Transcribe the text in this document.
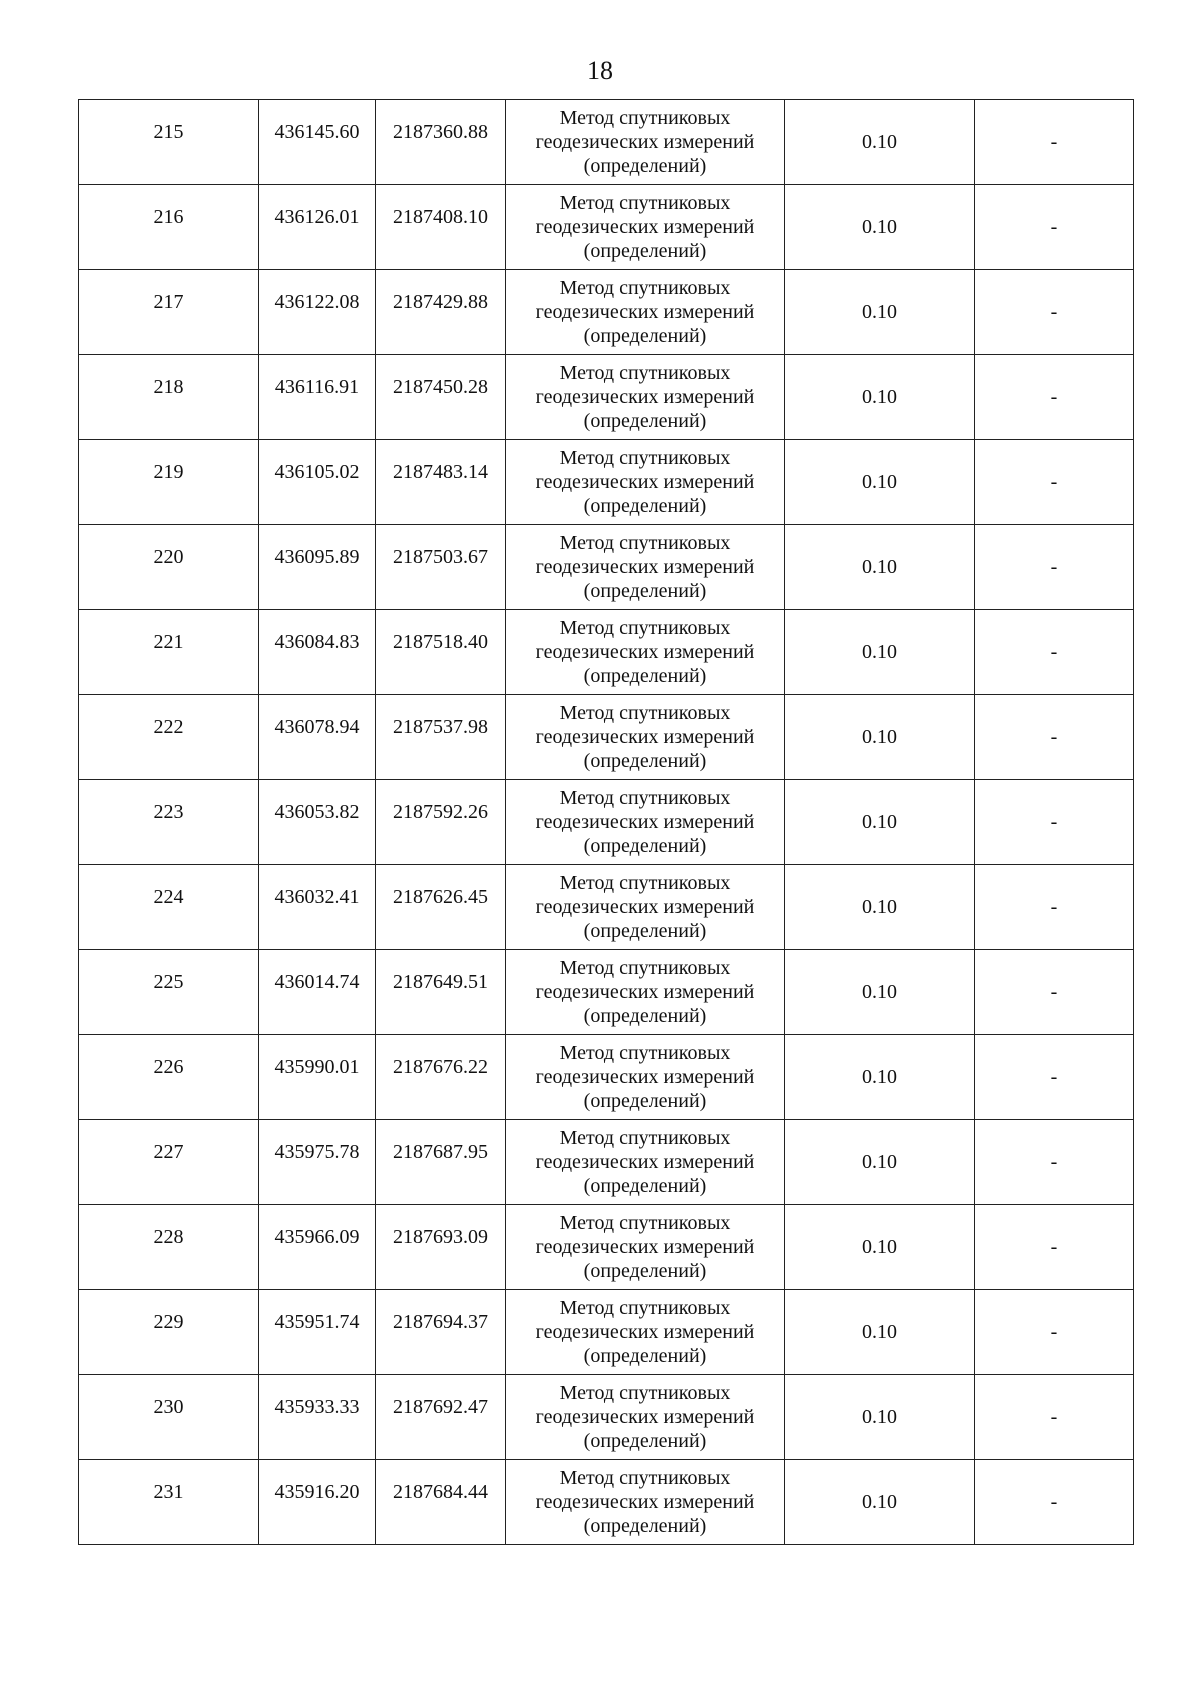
18
215	436145.60	2187360.88	Метод спутниковых
геодезических измерений
(определений)	0.10	-
216	436126.01	2187408.10	Метод спутниковых
геодезических измерений
(определений)	0.10	-
217	436122.08	2187429.88	Метод спутниковых
геодезических измерений
(определений)	0.10	-
218	436116.91	2187450.28	Метод спутниковых
геодезических измерений
(определений)	0.10	-
219	436105.02	2187483.14	Метод спутниковых
геодезических измерений
(определений)	0.10	-
220	436095.89	2187503.67	Метод спутниковых
геодезических измерений
(определений)	0.10	-
221	436084.83	2187518.40	Метод спутниковых
геодезических измерений
(определений)	0.10	-
222	436078.94	2187537.98	Метод спутниковых
геодезических измерений
(определений)	0.10	-
223	436053.82	2187592.26	Метод спутниковых
геодезических измерений
(определений)	0.10	-
224	436032.41	2187626.45	Метод спутниковых
геодезических измерений
(определений)	0.10	-
225	436014.74	2187649.51	Метод спутниковых
геодезических измерений
(определений)	0.10	-
226	435990.01	2187676.22	Метод спутниковых
геодезических измерений
(определений)	0.10	-
227	435975.78	2187687.95	Метод спутниковых
геодезических измерений
(определений)	0.10	-
228	435966.09	2187693.09	Метод спутниковых
геодезических измерений
(определений)	0.10	-
229	435951.74	2187694.37	Метод спутниковых
геодезических измерений
(определений)	0.10	-
230	435933.33	2187692.47	Метод спутниковых
геодезических измерений
(определений)	0.10	-
231	435916.20	2187684.44	Метод спутниковых
геодезических измерений
(определений)	0.10	-
